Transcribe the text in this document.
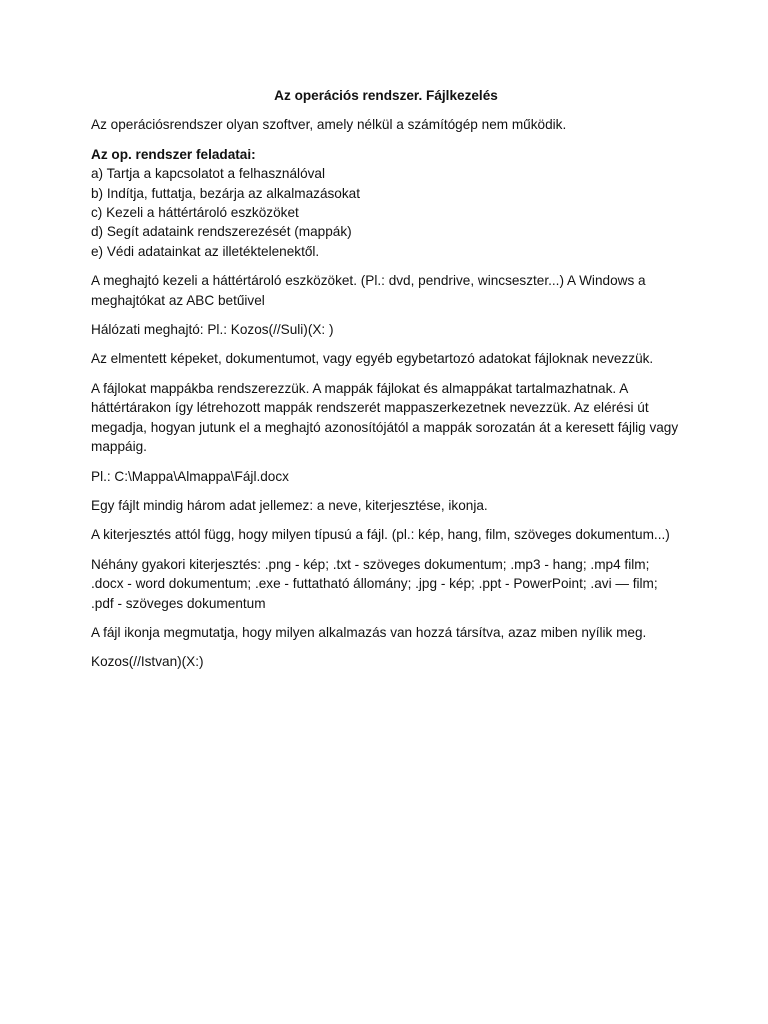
Az operációs rendszer. Fájlkezelés
Az operációsrendszer olyan szoftver, amely nélkül a számítógép nem működik.
Az op. rendszer feladatai:
a) Tartja a kapcsolatot a felhasználóval
b) Indítja, futtatja, bezárja az alkalmazásokat
c) Kezeli a háttértároló eszközöket
d) Segít adataink rendszerezését (mappák)
e) Védi adatainkat az illetéktelenektől.
A meghajtó kezeli a háttértároló eszközöket. (Pl.: dvd, pendrive, wincseszter...) A Windows a meghajtókat az ABC betűivel
Hálózati meghajtó: Pl.: Kozos(//Suli)(X: )
Az elmentett képeket, dokumentumot, vagy egyéb egybetartozó adatokat fájloknak nevezzük.
A fájlokat mappákba rendszerezzük. A mappák fájlokat és almappákat tartalmazhatnak. A háttértárakon így létrehozott mappák rendszerét mappaszerkezetnek nevezzük. Az elérési út megadja, hogyan jutunk el a meghajtó azonosítójától a mappák sorozatán át a keresett fájlig vagy mappáig.
Pl.: C:\Mappa\Almappa\Fájl.docx
Egy fájlt mindig három adat jellemez: a neve, kiterjesztése, ikonja.
A kiterjesztés attól függ, hogy milyen típusú a fájl. (pl.: kép, hang, film, szöveges dokumentum...)
Néhány gyakori kiterjesztés: .png - kép; .txt - szöveges dokumentum; .mp3 - hang; .mp4 film; .docx - word dokumentum; .exe - futtatható állomány; .jpg - kép; .ppt - PowerPoint; .avi — film; .pdf - szöveges dokumentum
A fájl ikonja megmutatja, hogy milyen alkalmazás van hozzá társítva, azaz miben nyílik meg.
Kozos(//Istvan)(X:)
